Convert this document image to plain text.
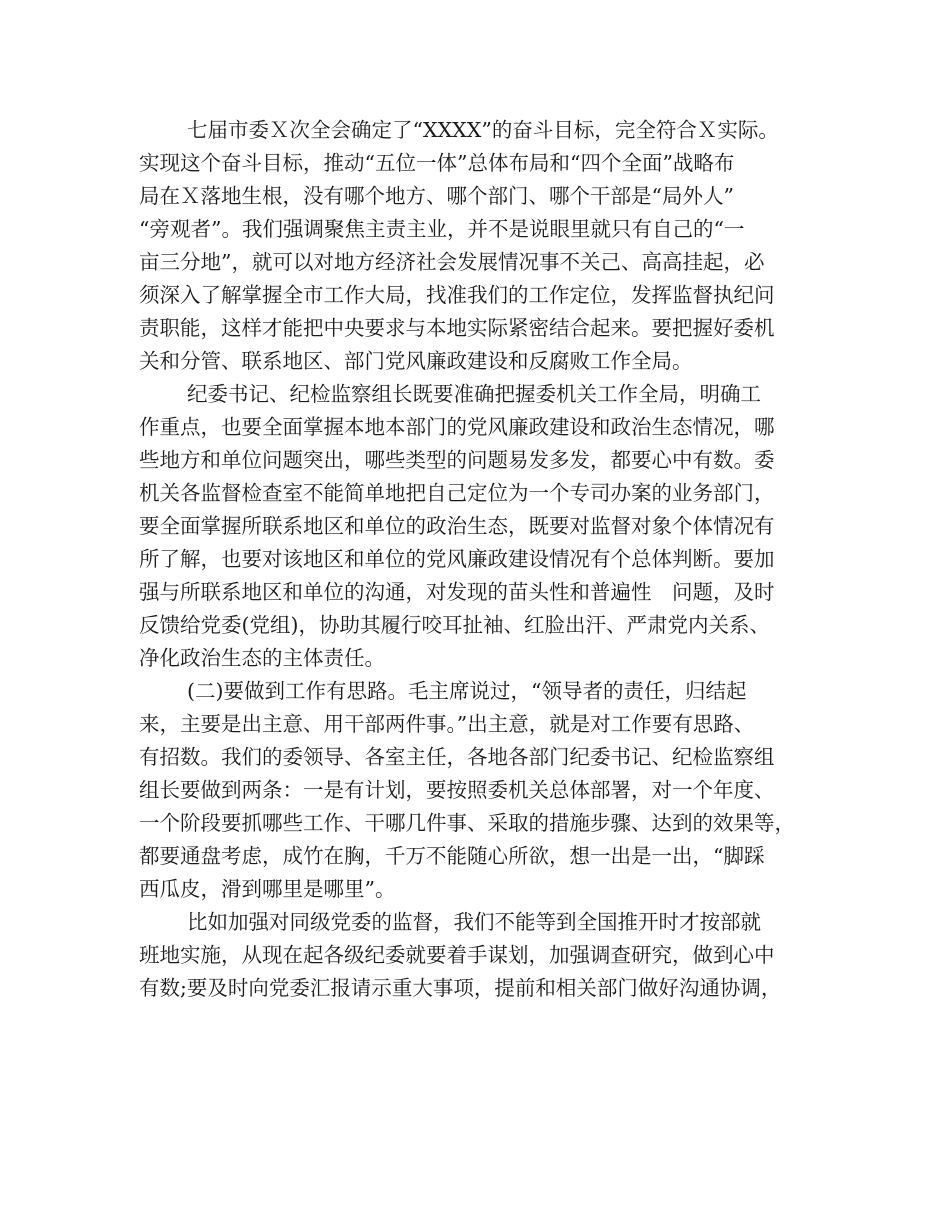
七届市委Ｘ次全会确定了“XXXX”的奋斗目标，完全符合Ｘ实际。
实现这个奋斗目标，推动“五位一体”总体布局和“四个全面”战略布
局在Ｘ落地生根，没有哪个地方、哪个部门、哪个干部是“局外人”
“旁观者”。我们强调聚焦主责主业，并不是说眼里就只有自己的“一
亩三分地”，就可以对地方经济社会发展情况事不关己、高高挂起，必
须深入了解掌握全市工作大局，找准我们的工作定位，发挥监督执纪问
责职能，这样才能把中央要求与本地实际紧密结合起来。要把握好委机
关和分管、联系地区、部门党风廉政建设和反腐败工作全局。
纪委书记、纪检监察组长既要准确把握委机关工作全局，明确工
作重点，也要全面掌握本地本部门的党风廉政建设和政治生态情况，哪
些地方和单位问题突出，哪些类型的问题易发多发，都要心中有数。委
机关各监督检查室不能简单地把自己定位为一个专司办案的业务部门，
要全面掌握所联系地区和单位的政治生态，既要对监督对象个体情况有
所了解，也要对该地区和单位的党风廉政建设情况有个总体判断。要加
强与所联系地区和单位的沟通，对发现的苗头性和普遍性　问题，及时
反馈给党委(党组)，协助其履行咬耳扯袖、红脸出汗、严肃党内关系、
净化政治生态的主体责任。
(二)要做到工作有思路。毛主席说过，“领导者的责任，归结起
来，主要是出主意、用干部两件事。”出主意，就是对工作要有思路、
有招数。我们的委领导、各室主任，各地各部门纪委书记、纪检监察组
组长要做到两条：一是有计划，要按照委机关总体部署，对一个年度、
一个阶段要抓哪些工作、干哪几件事、采取的措施步骤、达到的效果等，
都要通盘考虑，成竹在胸，千万不能随心所欲，想一出是一出，“脚踩
西瓜皮，滑到哪里是哪里”。
比如加强对同级党委的监督，我们不能等到全国推开时才按部就
班地实施，从现在起各级纪委就要着手谋划，加强调查研究，做到心中
有数;要及时向党委汇报请示重大事项，提前和相关部门做好沟通协调，
